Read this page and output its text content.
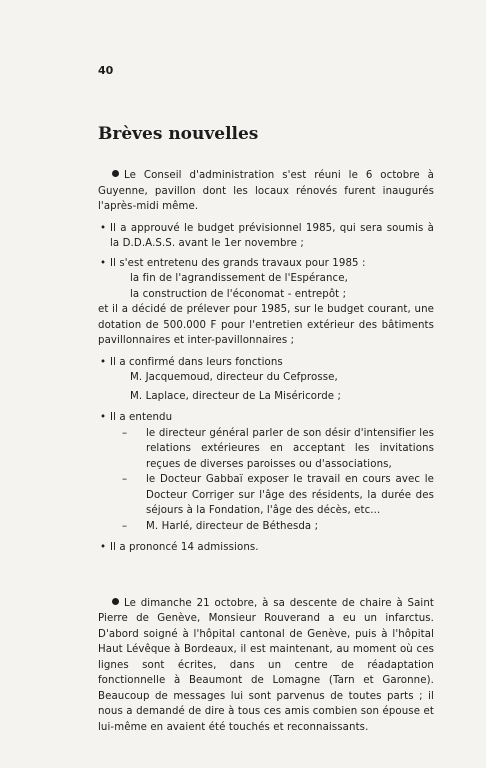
40
Brèves nouvelles

Le Conseil d'administration s'est réuni le 6 octobre à Guyenne, pavillon dont les locaux rénovés furent inaugurés l'après-midi même.

• Il a approuvé le budget prévisionnel 1985, qui sera soumis à la D.D.A.S.S. avant le 1er novembre ;
• Il s'est entretenu des grands travaux pour 1985 :
la fin de l'agrandissement de l'Espérance,
la construction de l'économat - entrepôt ;
et il a décidé de prélever pour 1985, sur le budget courant, une dotation de 500.000 F pour l'entretien extérieur des bâtiments pavillonnaires et inter-pavillonnaires ;
• Il a confirmé dans leurs fonctions
M. Jacquemoud, directeur du Cefprosse,
M. Laplace, directeur de La Miséricorde ;
• Il a entendu
– le directeur général parler de son désir d'intensifier les relations extérieures en acceptant les invitations reçues de diverses paroisses ou d'associations,
– le Docteur Gabbaï exposer le travail en cours avec le Docteur Corriger sur l'âge des résidents, la durée des séjours à la Fondation, l'âge des décès, etc...
– M. Harlé, directeur de Béthesda ;
• Il a prononcé 14 admissions.

Le dimanche 21 octobre, à sa descente de chaire à Saint Pierre de Genève, Monsieur Rouverand a eu un infarctus. D'abord soigné à l'hôpital cantonal de Genève, puis à l'hôpital Haut Lévêque à Bordeaux, il est maintenant, au moment où ces lignes sont écrites, dans un centre de réadaptation fonctionnelle à Beaumont de Lomagne (Tarn et Garonne). Beaucoup de messages lui sont parvenus de toutes parts ; il nous a demandé de dire à tous ces amis combien son épouse et lui-même en avaient été touchés et reconnaissants.
